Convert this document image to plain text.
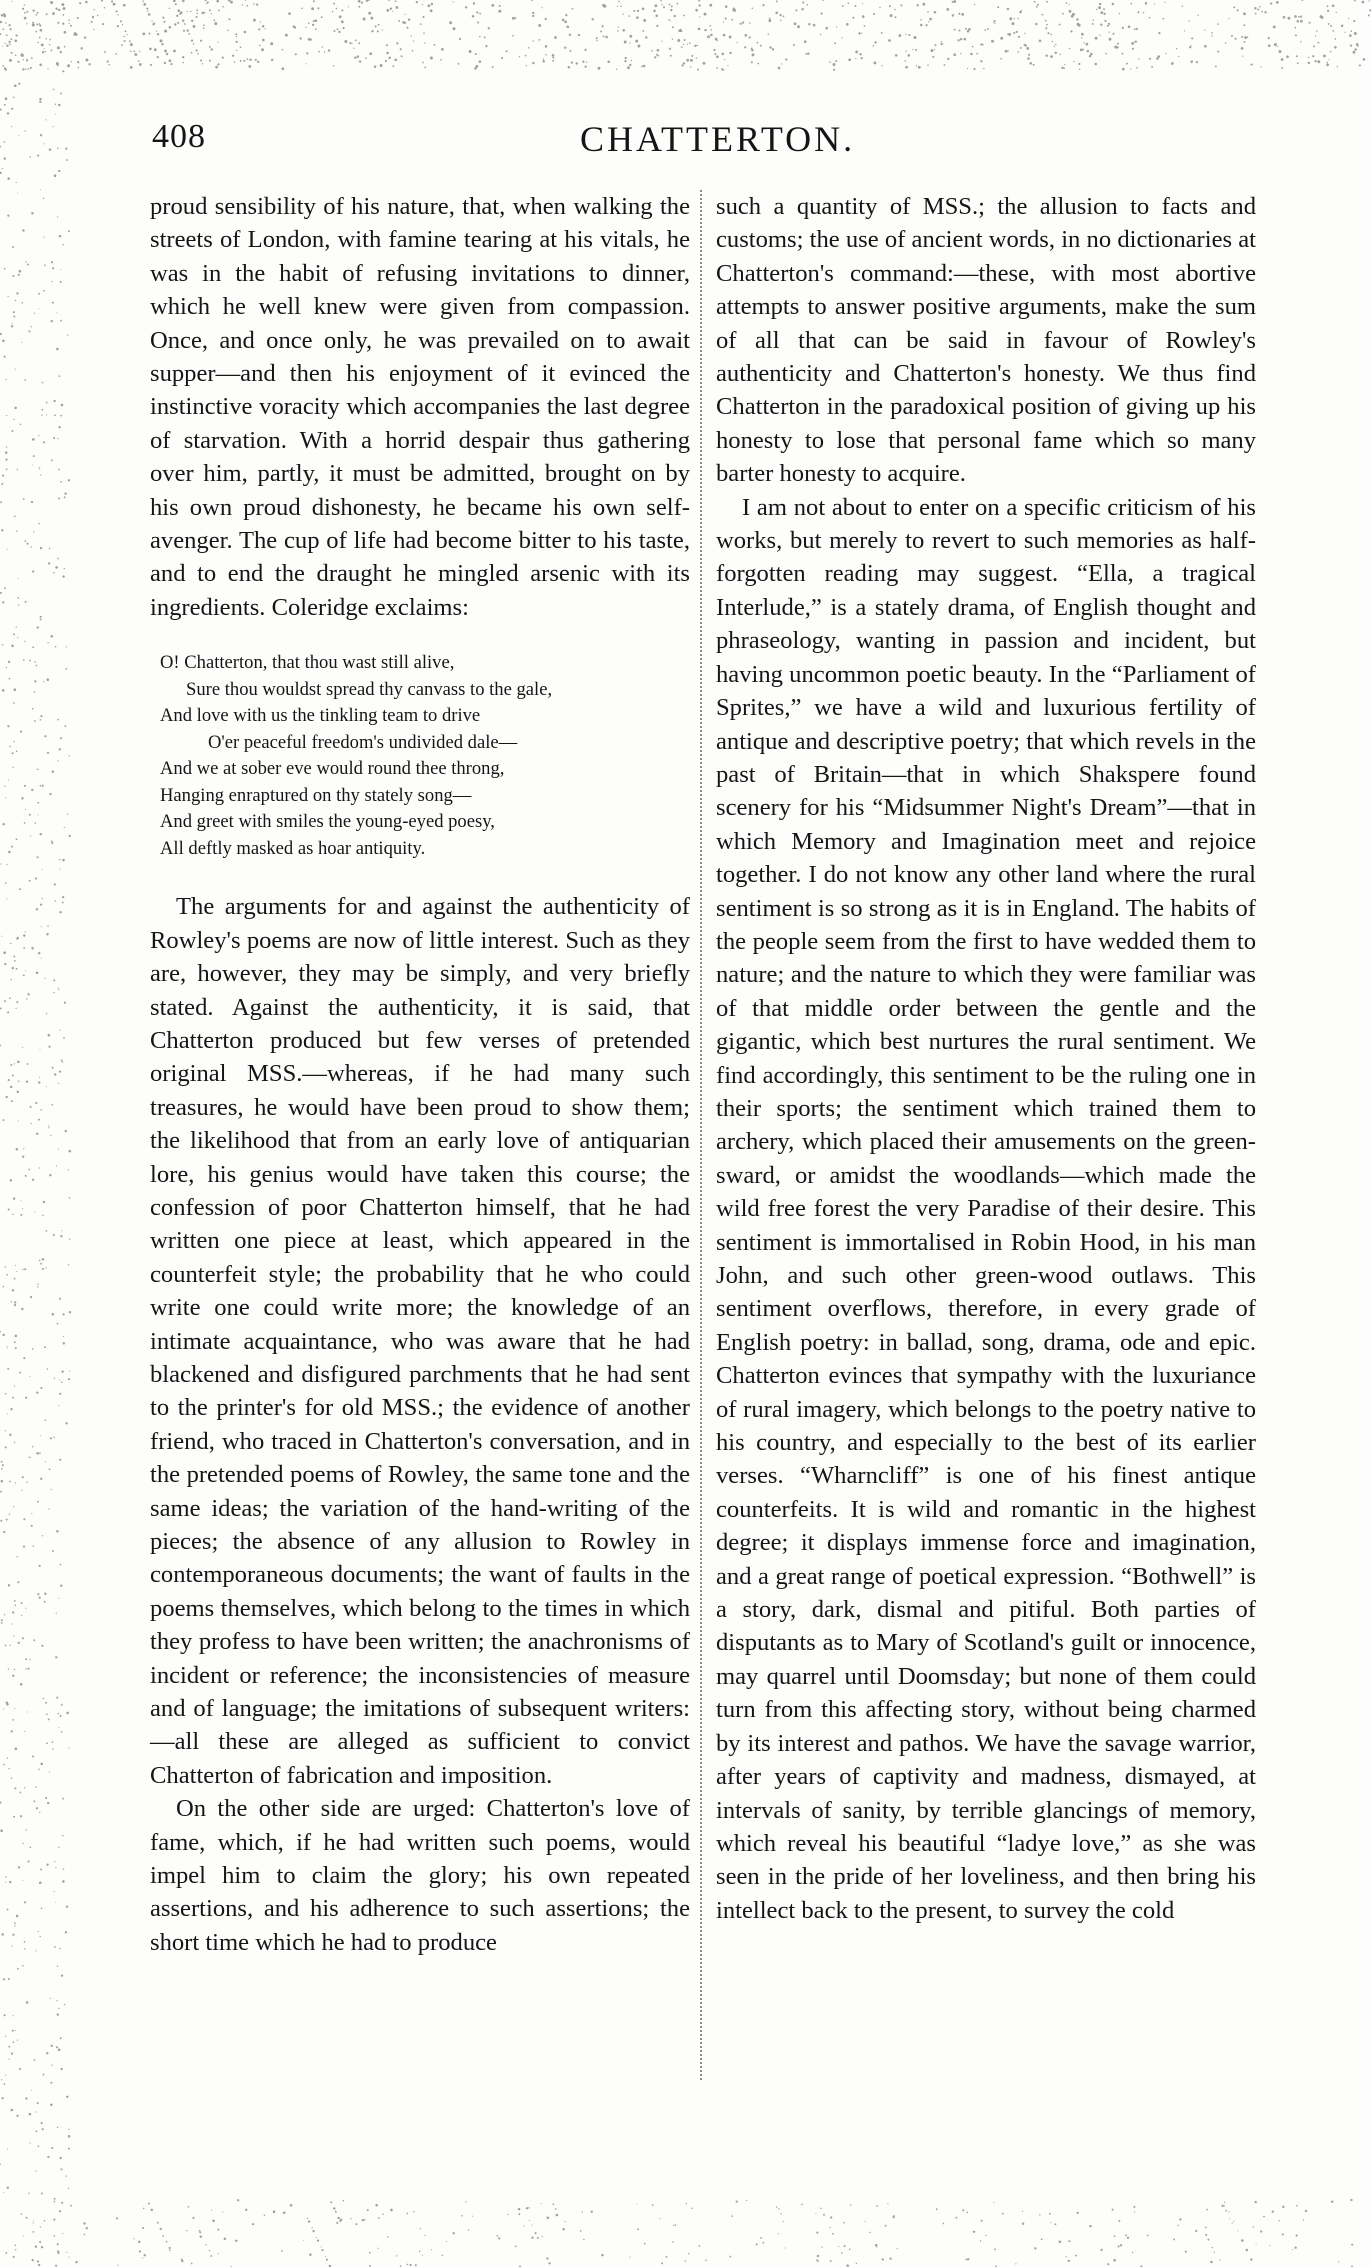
408	CHATTERTON.

proud sensibility of his nature, that, when walking the streets of London, with famine tearing at his vitals, he was in the habit of refusing invitations to dinner, which he well knew were given from compassion. Once, and once only, he was prevailed on to await supper—and then his enjoyment of it evinced the instinctive voracity which accompanies the last degree of starvation. With a horrid despair thus gathering over him, partly, it must be admitted, brought on by his own proud dishonesty, he became his own self-avenger. The cup of life had become bitter to his taste, and to end the draught he mingled arsenic with its ingredients. Coleridge exclaims:

O! Chatterton, that thou wast still alive,
Sure thou wouldst spread thy canvass to the gale,
And love with us the tinkling team to drive
O'er peaceful freedom's undivided dale—
And we at sober eve would round thee throng,
Hanging enraptured on thy stately song—
And greet with smiles the young-eyed poesy,
All deftly masked as hoar antiquity.

The arguments for and against the authenticity of Rowley's poems are now of little interest. Such as they are, however, they may be simply, and very briefly stated. Against the authenticity, it is said, that Chatterton produced but few verses of pretended original MSS.—whereas, if he had many such treasures, he would have been proud to show them; the likelihood that from an early love of antiquarian lore, his genius would have taken this course; the confession of poor Chatterton himself, that he had written one piece at least, which appeared in the counterfeit style; the probability that he who could write one could write more; the knowledge of an intimate acquaintance, who was aware that he had blackened and disfigured parchments that he had sent to the printer's for old MSS.; the evidence of another friend, who traced in Chatterton's conversation, and in the pretended poems of Rowley, the same tone and the same ideas; the variation of the hand-writing of the pieces; the absence of any allusion to Rowley in contemporaneous documents; the want of faults in the poems themselves, which belong to the times in which they profess to have been written; the anachronisms of incident or reference; the inconsistencies of measure and of language; the imitations of subsequent writers:—all these are alleged as sufficient to convict Chatterton of fabrication and imposition.

On the other side are urged: Chatterton's love of fame, which, if he had written such poems, would impel him to claim the glory; his own repeated assertions, and his adherence to such assertions; the short time which he had to produce

such a quantity of MSS.; the allusion to facts and customs; the use of ancient words, in no dictionaries at Chatterton's command:—these, with most abortive attempts to answer positive arguments, make the sum of all that can be said in favour of Rowley's authenticity and Chatterton's honesty. We thus find Chatterton in the paradoxical position of giving up his honesty to lose that personal fame which so many barter honesty to acquire.

I am not about to enter on a specific criticism of his works, but merely to revert to such memories as half-forgotten reading may suggest. “Ella, a tragical Interlude,” is a stately drama, of English thought and phraseology, wanting in passion and incident, but having uncommon poetic beauty. In the “Parliament of Sprites,” we have a wild and luxurious fertility of antique and descriptive poetry; that which revels in the past of Britain—that in which Shakspere found scenery for his “Midsummer Night's Dream”—that in which Memory and Imagination meet and rejoice together. I do not know any other land where the rural sentiment is so strong as it is in England. The habits of the people seem from the first to have wedded them to nature; and the nature to which they were familiar was of that middle order between the gentle and the gigantic, which best nurtures the rural sentiment. We find accordingly, this sentiment to be the ruling one in their sports; the sentiment which trained them to archery, which placed their amusements on the green-sward, or amidst the woodlands—which made the wild free forest the very Paradise of their desire. This sentiment is immortalised in Robin Hood, in his man John, and such other green-wood outlaws. This sentiment overflows, therefore, in every grade of English poetry: in ballad, song, drama, ode and epic. Chatterton evinces that sympathy with the luxuriance of rural imagery, which belongs to the poetry native to his country, and especially to the best of its earlier verses. “Wharncliff” is one of his finest antique counterfeits. It is wild and romantic in the highest degree; it displays immense force and imagination, and a great range of poetical expression. “Bothwell” is a story, dark, dismal and pitiful. Both parties of disputants as to Mary of Scotland's guilt or innocence, may quarrel until Doomsday; but none of them could turn from this affecting story, without being charmed by its interest and pathos. We have the savage warrior, after years of captivity and madness, dismayed, at intervals of sanity, by terrible glancings of memory, which reveal his beautiful “ladye love,” as she was seen in the pride of her loveliness, and then bring his intellect back to the present, to survey the cold
